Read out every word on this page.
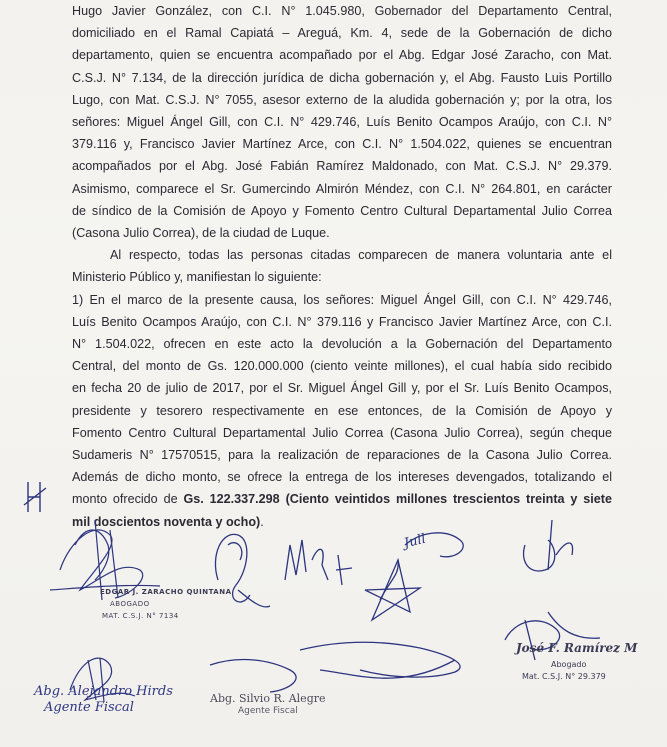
Hugo Javier González, con C.I. N° 1.045.980, Gobernador del Departamento Central,
domiciliado en el Ramal Capiatá – Areguá, Km. 4, sede de la Gobernación de dicho
departamento, quien se encuentra acompañado por el Abg. Edgar José Zaracho, con Mat.
C.S.J. N° 7.134, de la dirección jurídica de dicha gobernación y, el Abg. Fausto Luis Portillo
Lugo, con Mat. C.S.J. N° 7055, asesor externo de la aludida gobernación y; por la otra, los
señores: Miguel Ángel Gill, con C.I. N° 429.746, Luís Benito Ocampos Araújo, con C.I. N°
379.116 y, Francisco Javier Martínez Arce, con C.I. N° 1.504.022, quienes se encuentran
acompañados por el Abg. José Fabián Ramírez Maldonado, con Mat. C.S.J. N° 29.379.
Asimismo, comparece el Sr. Gumercindo Almirón Méndez, con C.I. N° 264.801, en carácter
de síndico de la Comisión de Apoyo y Fomento Centro Cultural Departamental Julio Correa
(Casona Julio Correa), de la ciudad de Luque.
Al respecto, todas las personas citadas comparecen de manera voluntaria ante el
Ministerio Público y, manifiestan lo siguiente:
1) En el marco de la presente causa, los señores: Miguel Ángel Gill, con C.I. N° 429.746,
Luís Benito Ocampos Araújo, con C.I. N° 379.116 y Francisco Javier Martínez Arce, con C.I.
N° 1.504.022, ofrecen en este acto la devolución a la Gobernación del Departamento
Central, del monto de Gs. 120.000.000 (ciento veinte millones), el cual había sido recibido
en fecha 20 de julio de 2017, por el Sr. Miguel Ángel Gill y, por el Sr. Luís Benito Ocampos,
presidente y tesorero respectivamente en ese entonces, de la Comisión de Apoyo y
Fomento Centro Cultural Departamental Julio Correa (Casona Julio Correa), según cheque
Sudameris N° 17570515, para la realización de reparaciones de la Casona Julio Correa.
Además de dicho monto, se ofrece la entrega de los intereses devengados, totalizando el
monto ofrecido de Gs. 122.337.298 (Ciento veintidos millones trescientos treinta y siete
mil doscientos noventa y ocho).
EDGAR J. ZARACHO QUINTANA
ABOGADO
MAT. C.S.J. N° 7134
José F. Ramírez M
Abogado
Mat. C.S.J. N° 29.379
Abg. Alejandro Hirds
Agente Fiscal
Abg. Silvio R. Alegre
Agente Fiscal
Jull
